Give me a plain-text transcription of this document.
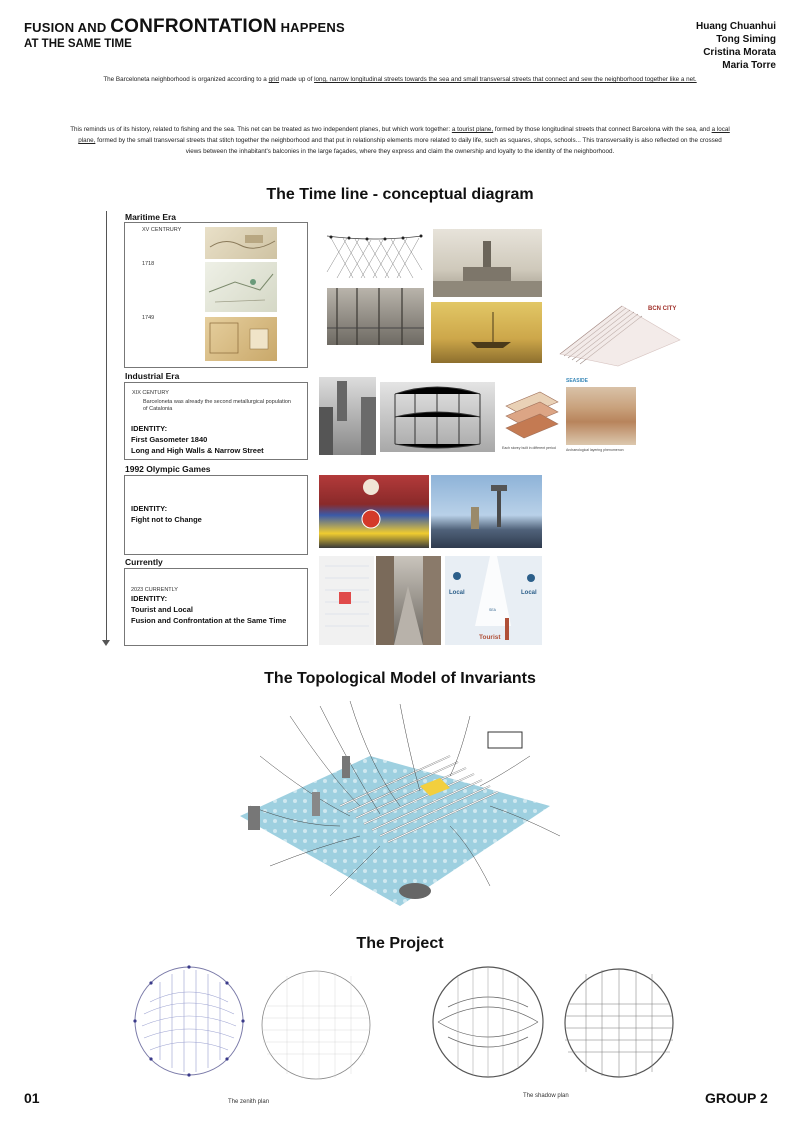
FUSION AND CONFRONTATION HAPPENS
AT THE SAME TIME
Huang Chuanhui
Tong Siming
Cristina Morata
Maria Torre
The Barceloneta neighborhood is organized according to a grid made up of long, narrow longitudinal streets towards the sea and small transversal streets that connect and sew the neighborhood together like a net.
This reminds us of its history, related to fishing and the sea. This net can be treated as two independent planes, but which work together: a tourist plane, formed by those longitudinal streets that connect Barcelona with the sea, and a local plane, formed by the small transversal streets that stitch together the neighborhood and that put in relationship elements more related to daily life, such as squares, shops, schools... This transversality is also reflected on the crossed views between the inhabitant's balconies in the large façades, where they express and claim the ownership and loyalty to the identity of the neighborhood.
The Time line - conceptual diagram
Maritime Era
XV CENTRURY
1718
1749
BCN CITY
Industrial Era
XIX CENTURY
Barceloneta was already the second metallurgical population of Catalonia
IDENTITY:
First Gasometer 1840
Long and High Walls & Narrow Street	Each storey built in different period
SEASIDE
Archaeological layering phenomenon
1992 Olympic Games
IDENTITY:
Fight not to Change
Currently
2023 CURRENTLY
IDENTITY:
Tourist and Local
Fusion and Confrontation at the Same Time
Local	Local
SEA
Tourist
The Topological Model of Invariants
The Project
01	The zenith plan
The shadow plan	GROUP 2
